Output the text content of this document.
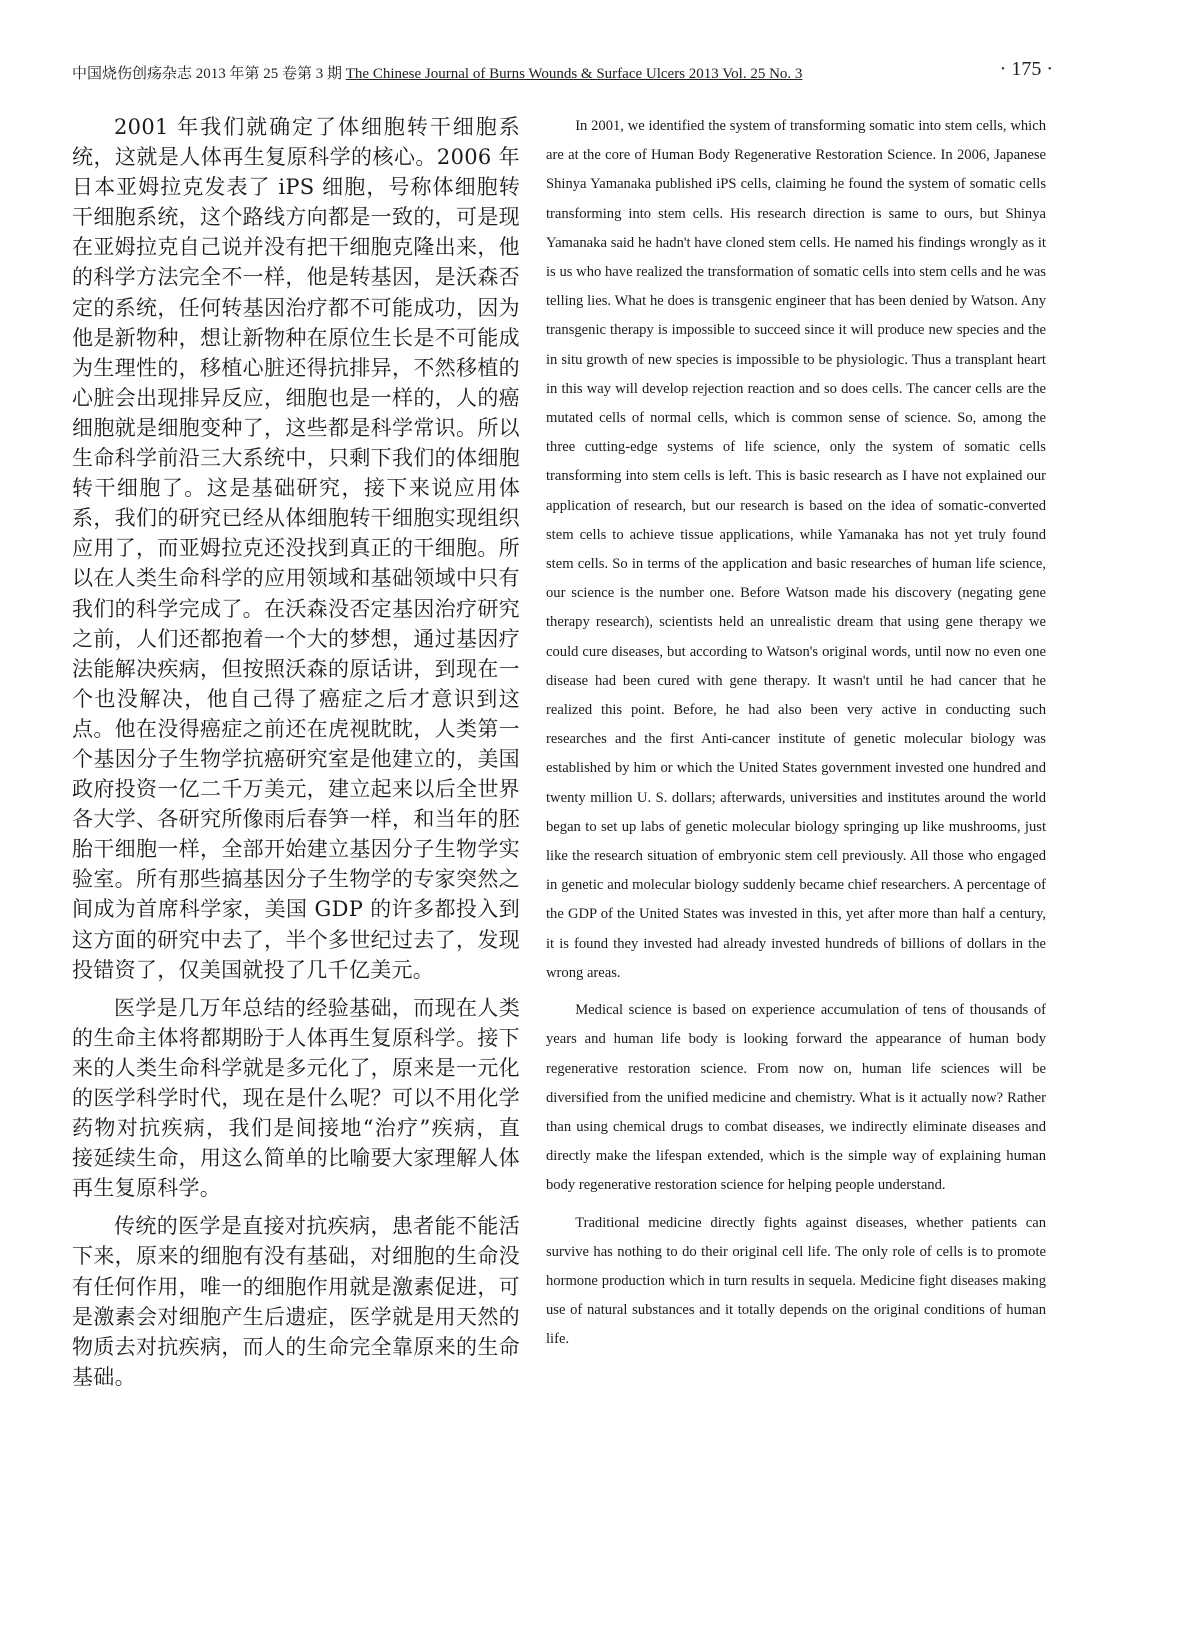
中国烧伤创疡杂志 2013 年第 25 卷第 3 期 The Chinese Journal of Burns Wounds & Surface Ulcers 2013 Vol. 25 No. 3	· 175 ·

2001 年我们就确定了体细胞转干细胞系统，这就是人体再生复原科学的核心。2006 年日本亚姆拉克发表了 iPS 细胞，号称体细胞转干细胞系统，这个路线方向都是一致的，可是现在亚姆拉克自己说并没有把干细胞克隆出来，他的科学方法完全不一样，他是转基因，是沃森否定的系统，任何转基因治疗都不可能成功，因为他是新物种，想让新物种在原位生长是不可能成为生理性的，移植心脏还得抗排异，不然移植的心脏会出现排异反应，细胞也是一样的，人的癌细胞就是细胞变种了，这些都是科学常识。所以生命科学前沿三大系统中，只剩下我们的体细胞转干细胞了。这是基础研究，接下来说应用体系，我们的研究已经从体细胞转干细胞实现组织应用了，而亚姆拉克还没找到真正的干细胞。所以在人类生命科学的应用领域和基础领域中只有我们的科学完成了。在沃森没否定基因治疗研究之前，人们还都抱着一个大的梦想，通过基因疗法能解决疾病，但按照沃森的原话讲，到现在一个也没解决，他自己得了癌症之后才意识到这点。他在没得癌症之前还在虎视眈眈，人类第一个基因分子生物学抗癌研究室是他建立的，美国政府投资一亿二千万美元，建立起来以后全世界各大学、各研究所像雨后春笋一样，和当年的胚胎干细胞一样，全部开始建立基因分子生物学实验室。所有那些搞基因分子生物学的专家突然之间成为首席科学家，美国 GDP 的许多都投入到这方面的研究中去了，半个多世纪过去了，发现投错资了，仅美国就投了几千亿美元。

医学是几万年总结的经验基础，而现在人类的生命主体将都期盼于人体再生复原科学。接下来的人类生命科学就是多元化了，原来是一元化的医学科学时代，现在是什么呢？可以不用化学药物对抗疾病，我们是间接地“治疗”疾病，直接延续生命，用这么简单的比喻要大家理解人体再生复原科学。

传统的医学是直接对抗疾病，患者能不能活下来，原来的细胞有没有基础，对细胞的生命没有任何作用，唯一的细胞作用就是激素促进，可是激素会对细胞产生后遗症，医学就是用天然的物质去对抗疾病，而人的生命完全靠原来的生命基础。

In 2001, we identified the system of transforming somatic into stem cells, which are at the core of Human Body Regenerative Restoration Science. In 2006, Japanese Shinya Yamanaka published iPS cells, claiming he found the system of somatic cells transforming into stem cells. His research direction is same to ours, but Shinya Yamanaka said he hadn't have cloned stem cells. He named his findings wrongly as it is us who have realized the transformation of somatic cells into stem cells and he was telling lies. What he does is transgenic engineer that has been denied by Watson. Any transgenic therapy is impossible to succeed since it will produce new species and the in situ growth of new species is impossible to be physiologic. Thus a transplant heart in this way will develop rejection reaction and so does cells. The cancer cells are the mutated cells of normal cells, which is common sense of science. So, among the three cutting-edge systems of life science, only the system of somatic cells transforming into stem cells is left. This is basic research as I have not explained our application of research, but our research is based on the idea of somatic-converted stem cells to achieve tissue applications, while Yamanaka has not yet truly found stem cells. So in terms of the application and basic researches of human life science, our science is the number one. Before Watson made his discovery (negating gene therapy research), scientists held an unrealistic dream that using gene therapy we could cure diseases, but according to Watson's original words, until now no even one disease had been cured with gene therapy. It wasn't until he had cancer that he realized this point. Before, he had also been very active in conducting such researches and the first Anti-cancer institute of genetic molecular biology was established by him or which the United States government invested one hundred and twenty million U. S. dollars; afterwards, universities and institutes around the world began to set up labs of genetic molecular biology springing up like mushrooms, just like the research situation of embryonic stem cell previously. All those who engaged in genetic and molecular biology suddenly became chief researchers. A percentage of the GDP of the United States was invested in this, yet after more than half a century, it is found they invested had already invested hundreds of billions of dollars in the wrong areas.

Medical science is based on experience accumulation of tens of thousands of years and human life body is looking forward the appearance of human body regenerative restoration science. From now on, human life sciences will be diversified from the unified medicine and chemistry. What is it actually now? Rather than using chemical drugs to combat diseases, we indirectly eliminate diseases and directly make the lifespan extended, which is the simple way of explaining human body regenerative restoration science for helping people understand.

Traditional medicine directly fights against diseases, whether patients can survive has nothing to do their original cell life. The only role of cells is to promote hormone production which in turn results in sequela. Medicine fight diseases making use of natural substances and it totally depends on the original conditions of human life.
